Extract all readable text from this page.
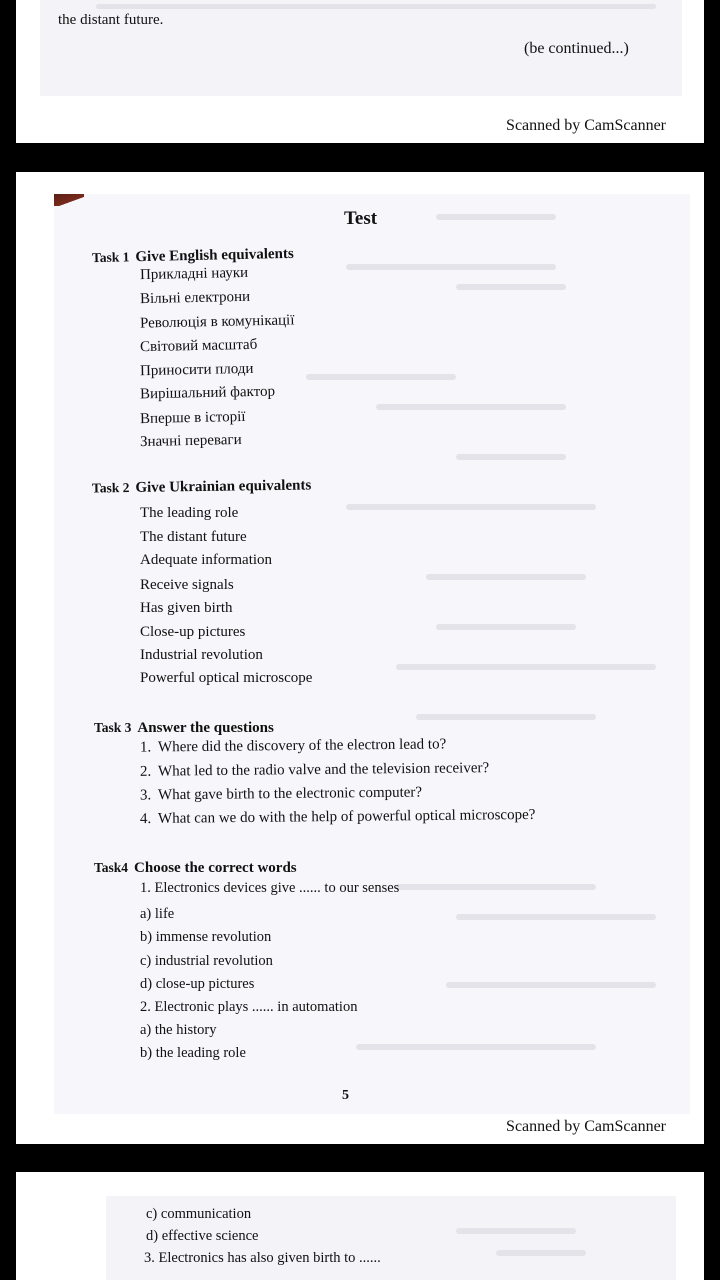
the distant future.
(be continued...)
Scanned by CamScanner
Test
Task 1 Give English equivalents
Прикладні науки
Вільні електрони
Революція в комунікації
Світовий масштаб
Приносити плоди
Вирішальний фактор
Вперше в історії
Значні переваги
Task 2 Give Ukrainian equivalents
The leading role
The distant future
Adequate information
Receive signals
Has given birth
Close-up pictures
Industrial revolution
Powerful optical microscope
Task 3 Answer the questions
1. Where did the discovery of the electron lead to?
2. What led to the radio valve and the television receiver?
3. What gave birth to the electronic computer?
4. What can we do with the help of powerful optical microscope?
Task4 Choose the correct words
1. Electronics devices give ...... to our senses
a) life
b) immense revolution
c) industrial revolution
d) close-up pictures
2. Electronic plays ...... in automation
a) the history
b) the leading role
5
Scanned by CamScanner
c) communication
d) effective science
3. Electronics has also given birth to ......
